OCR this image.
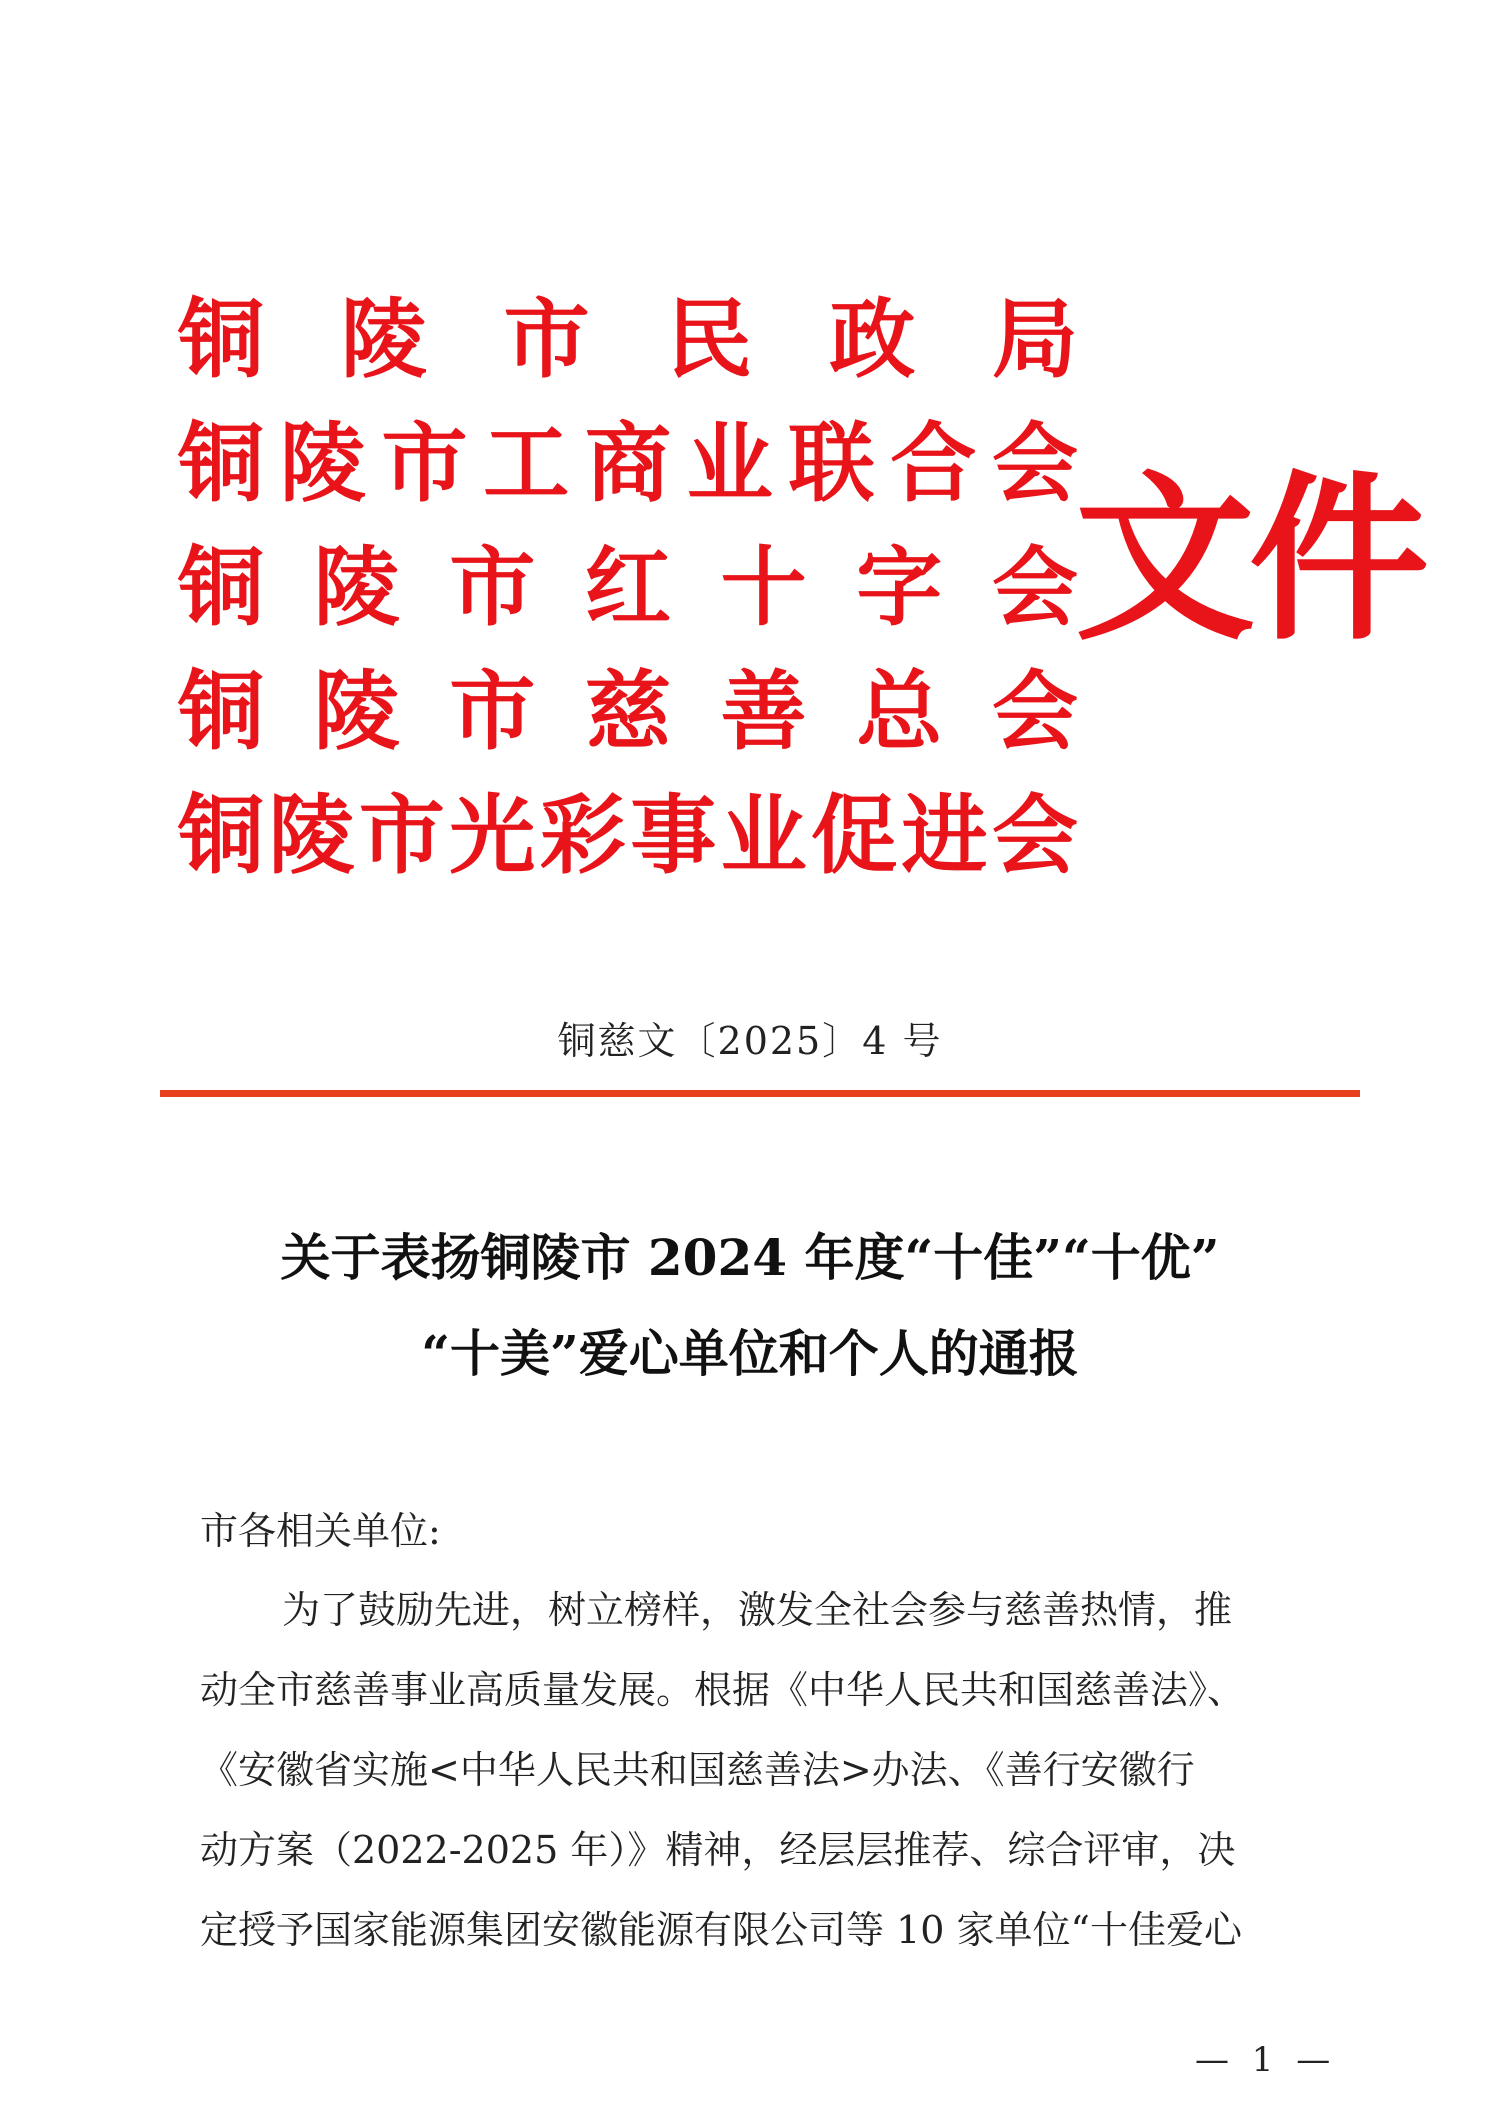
铜 陵 市 民 政 局
铜 陵 市 工 商 业 联 合 会
铜 陵 市 红 十 字 会
铜 陵 市 慈 善 总 会
铜 陵 市 光 彩 事 业 促 进 会
文件
铜慈文〔2025〕4 号
关于表扬铜陵市 2024 年度“十佳”“十优”
“十美”爱心单位和个人的通报
市各相关单位:
为了鼓励先进，树立榜样，激发全社会参与慈善热情，推
动全市慈善事业高质量发展。根据《中华人民共和国慈善法》、
《安徽省实施<中华人民共和国慈善法>办法、《善行安徽行
动方案（2022-2025 年）》精神，经层层推荐、综合评审，决
定授予国家能源集团安徽能源有限公司等 10 家单位“十佳爱心
— 1 —
